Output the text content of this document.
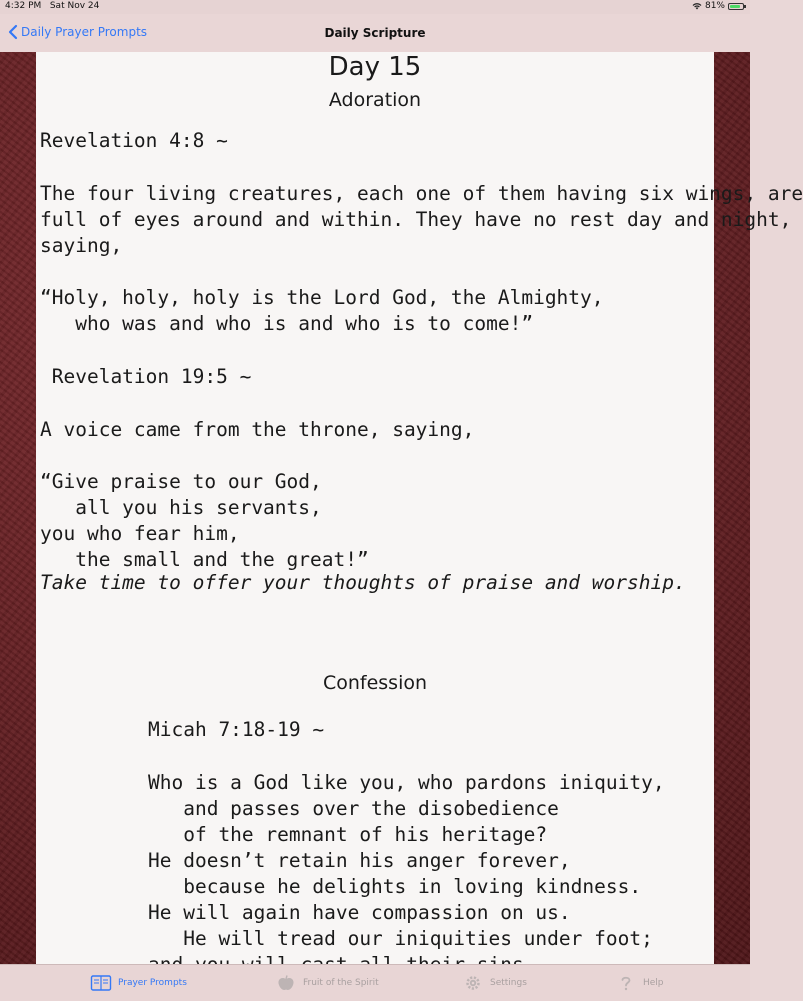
4:32 PM   Sat Nov 24	81%
Daily Prayer Prompts	Daily Scripture
Day 15
Adoration
Revelation 4:8 ~
The four living creatures, each one of them having six wings, are
full of eyes around and within. They have no rest day and night,
saying,
“Holy, holy, holy is the Lord God, the Almighty,
who was and who is and who is to come!”
Revelation 19:5 ~
A voice came from the throne, saying,
“Give praise to our God,
all you his servants,
you who fear him,
the small and the great!”
Take time to offer your thoughts of praise and worship.
Confession
Micah 7:18-19 ~
Who is a God like you, who pardons iniquity,
and passes over the disobedience
of the remnant of his heritage?
He doesn’t retain his anger forever,
because he delights in loving kindness.
He will again have compassion on us.
He will tread our iniquities under foot;

Prayer Prompts	Fruit of the Spirit	Settings	Help
